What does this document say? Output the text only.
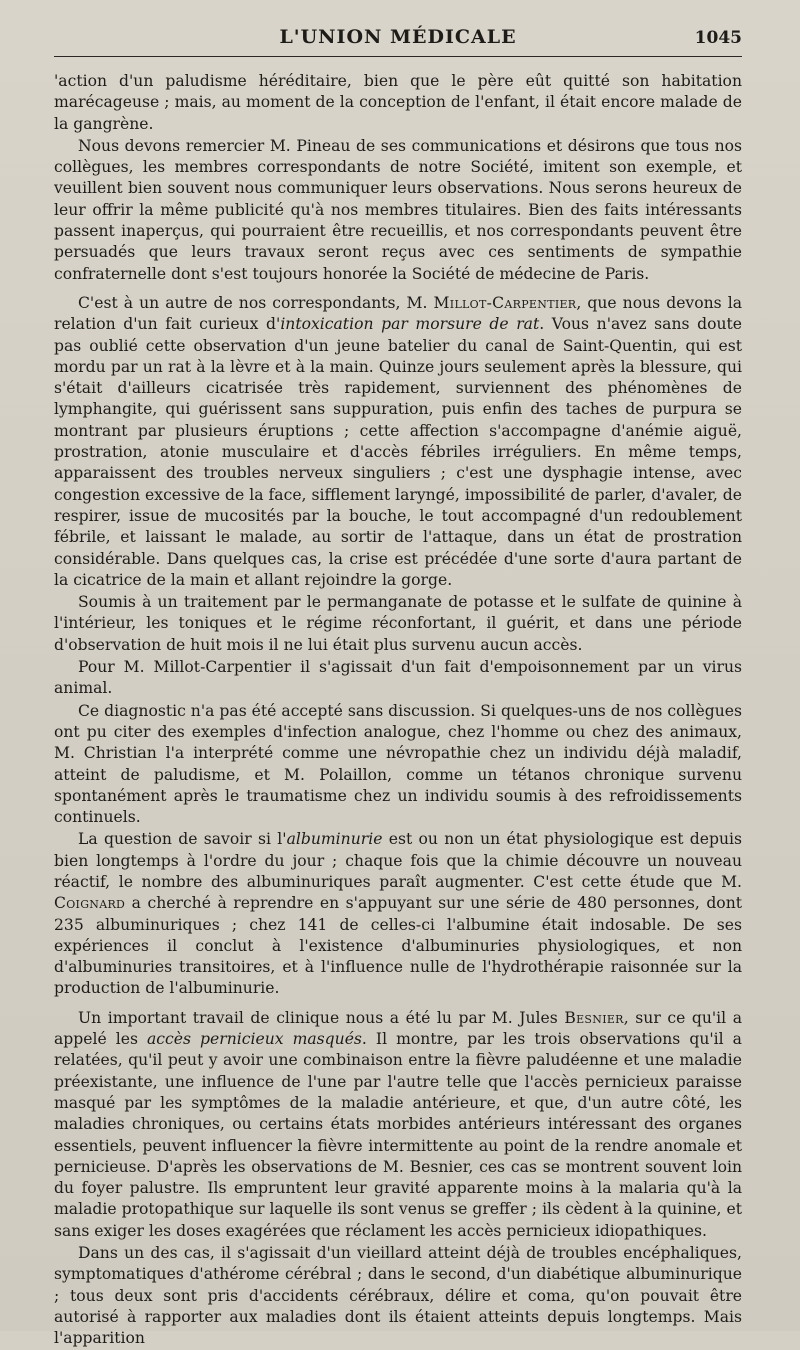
L'UNION MÉDICALE	1045

'action d'un paludisme héréditaire, bien que le père eût quitté son habitation marécageuse ; mais, au moment de la conception de l'enfant, il était encore malade de la gangrène.

Nous devons remercier M. Pineau de ses communications et désirons que tous nos collègues, les membres correspondants de notre Société, imitent son exemple, et veuillent bien souvent nous communiquer leurs observations. Nous serons heureux de leur offrir la même publicité qu'à nos membres titulaires. Bien des faits intéressants passent inaperçus, qui pourraient être recueillis, et nos correspondants peuvent être persuadés que leurs travaux seront reçus avec ces sentiments de sympathie confraternelle dont s'est toujours honorée la Société de médecine de Paris.

C'est à un autre de nos correspondants, M. Millot-Carpentier, que nous devons la relation d'un fait curieux d'intoxication par morsure de rat. Vous n'avez sans doute pas oublié cette observation d'un jeune batelier du canal de Saint-Quentin, qui est mordu par un rat à la lèvre et à la main. Quinze jours seulement après la blessure, qui s'était d'ailleurs cicatrisée très rapidement, surviennent des phénomènes de lymphangite, qui guérissent sans suppuration, puis enfin des taches de purpura se montrant par plusieurs éruptions ; cette affection s'accompagne d'anémie aiguë, prostration, atonie musculaire et d'accès fébriles irréguliers. En même temps, apparaissent des troubles nerveux singuliers ; c'est une dysphagie intense, avec congestion excessive de la face, sifflement laryngé, impossibilité de parler, d'avaler, de respirer, issue de mucosités par la bouche, le tout accompagné d'un redoublement fébrile, et laissant le malade, au sortir de l'attaque, dans un état de prostration considérable. Dans quelques cas, la crise est précédée d'une sorte d'aura partant de la cicatrice de la main et allant rejoindre la gorge.

Soumis à un traitement par le permanganate de potasse et le sulfate de quinine à l'intérieur, les toniques et le régime réconfortant, il guérit, et dans une période d'observation de huit mois il ne lui était plus survenu aucun accès.

Pour M. Millot-Carpentier il s'agissait d'un fait d'empoisonnement par un virus animal.

Ce diagnostic n'a pas été accepté sans discussion. Si quelques-uns de nos collègues ont pu citer des exemples d'infection analogue, chez l'homme ou chez des animaux, M. Christian l'a interprété comme une névropathie chez un individu déjà maladif, atteint de paludisme, et M. Polaillon, comme un tétanos chronique survenu spontanément après le traumatisme chez un individu soumis à des refroidissements continuels.

La question de savoir si l'albuminurie est ou non un état physiologique est depuis bien longtemps à l'ordre du jour ; chaque fois que la chimie découvre un nouveau réactif, le nombre des albuminuriques paraît augmenter. C'est cette étude que M. Coignard a cherché à reprendre en s'appuyant sur une série de 480 personnes, dont 235 albuminuriques ; chez 141 de celles-ci l'albumine était indosable. De ses expériences il conclut à l'existence d'albuminuries physiologiques, et non d'albuminuries transitoires, et à l'influence nulle de l'hydrothérapie raisonnée sur la production de l'albuminurie.

Un important travail de clinique nous a été lu par M. Jules Besnier, sur ce qu'il a appelé les accès pernicieux masqués. Il montre, par les trois observations qu'il a relatées, qu'il peut y avoir une combinaison entre la fièvre paludéenne et une maladie préexistante, une influence de l'une par l'autre telle que l'accès pernicieux paraisse masqué par les symptômes de la maladie antérieure, et que, d'un autre côté, les maladies chroniques, ou certains états morbides antérieurs intéressant des organes essentiels, peuvent influencer la fièvre intermittente au point de la rendre anomale et pernicieuse. D'après les observations de M. Besnier, ces cas se montrent souvent loin du foyer palustre. Ils empruntent leur gravité apparente moins à la malaria qu'à la maladie protopathique sur laquelle ils sont venus se greffer ; ils cèdent à la quinine, et sans exiger les doses exagérées que réclament les accès pernicieux idiopathiques.

Dans un des cas, il s'agissait d'un vieillard atteint déjà de troubles encéphaliques, symptomatiques d'athérome cérébral ; dans le second, d'un diabétique albuminurique ; tous deux sont pris d'accidents cérébraux, délire et coma, qu'on pouvait être autorisé à rapporter aux maladies dont ils étaient atteints depuis longtemps. Mais l'apparition
